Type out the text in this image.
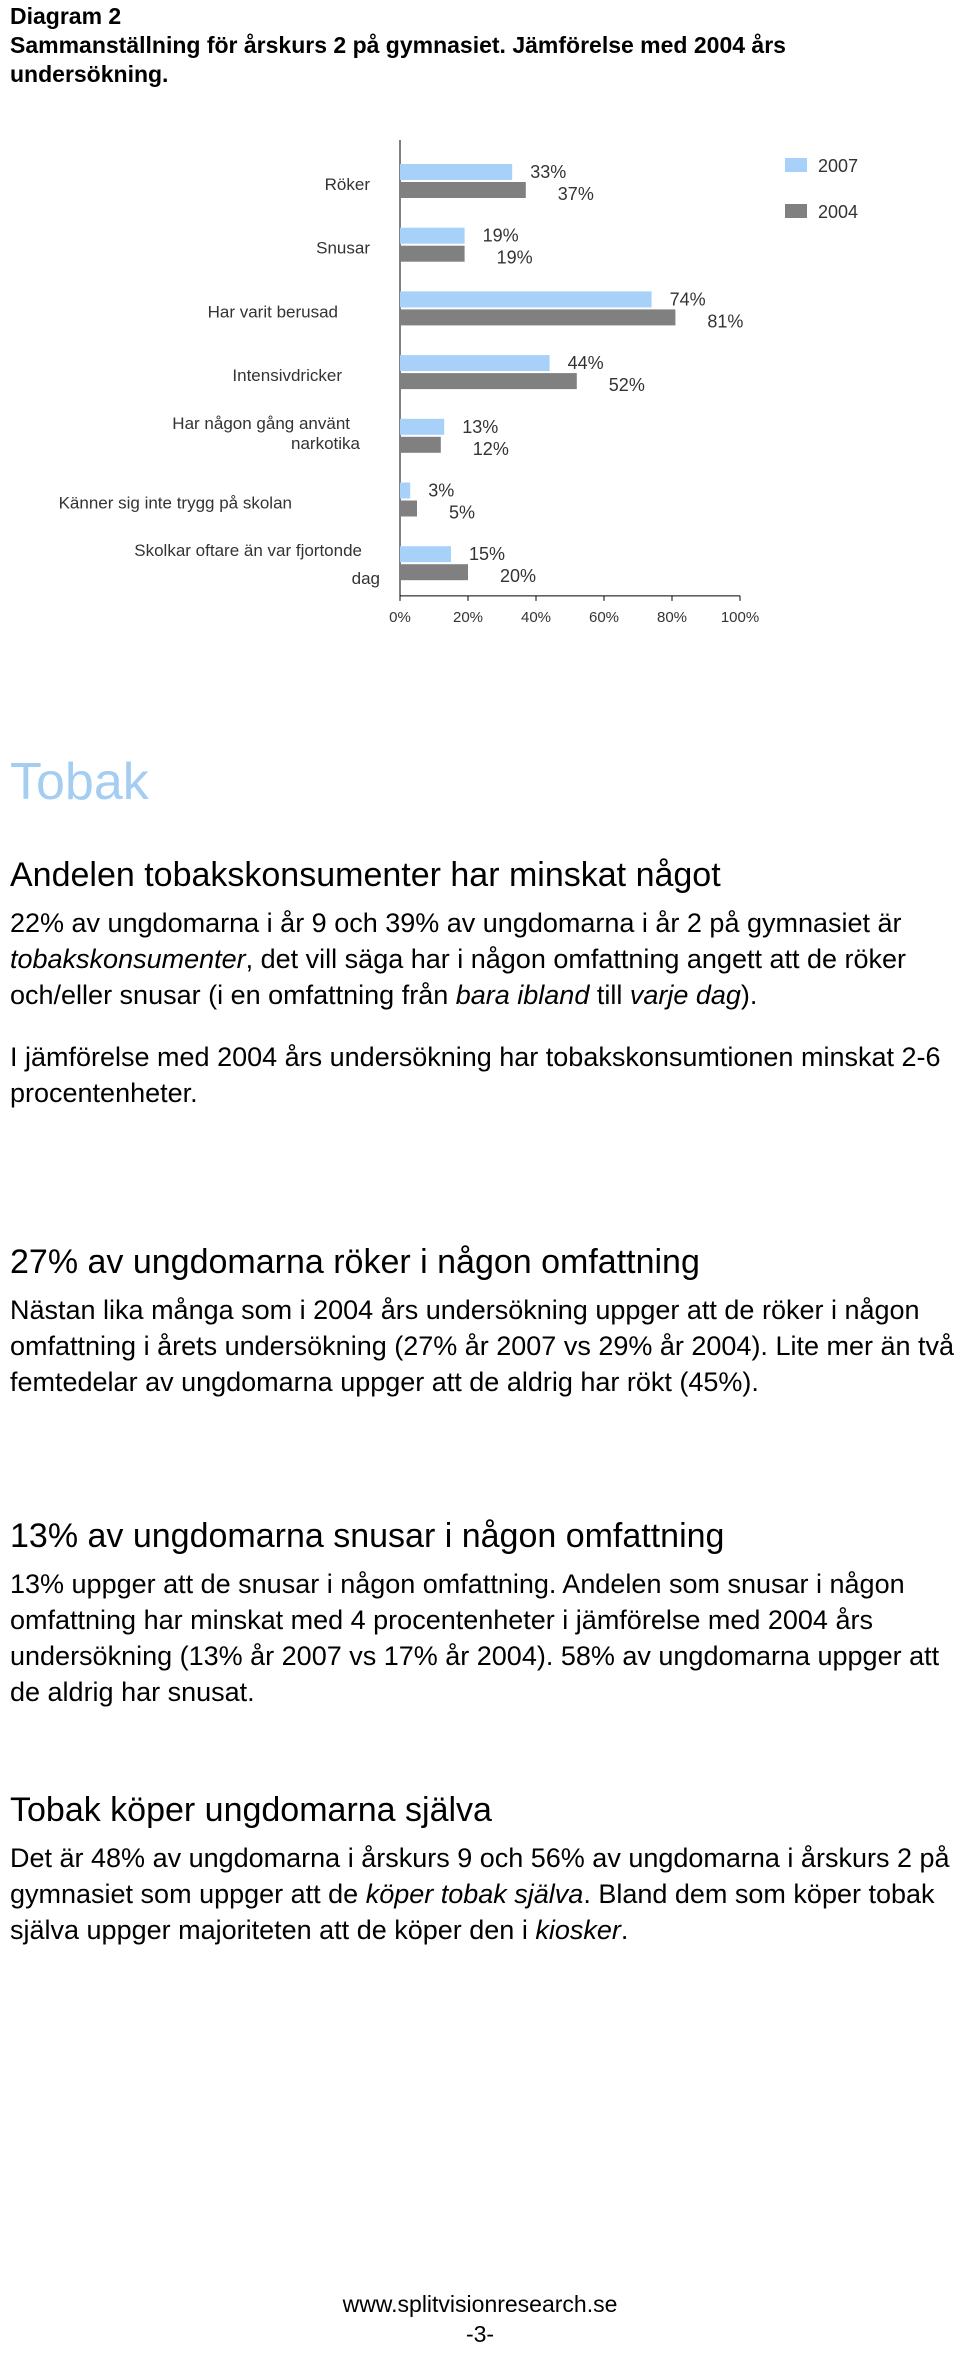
Diagram 2
Sammanställning för årskurs 2 på gymnasiet. Jämförelse med 2004 års undersökning.
0%	20%	40%	60%	80% 100%
Röker
33%
37%
Snusar
19%
19%
Har varit berusad
74%
81%
Intensivdricker
44%
52%
Har någon gång använt
narkotika
13%
12%
Känner sig inte trygg på skolan
3%
5%
Skolkar oftare än var fjortonde
dag
15%
20%
2007
2004
Tobak
Andelen tobakskonsumenter har minskat något

22% av ungdomarna i år 9 och 39% av ungdomarna i år 2 på gymnasiet är tobakskonsumenter, det vill säga har i någon omfattning angett att de röker och/eller snusar (i en omfattning från bara ibland till varje dag).

I jämförelse med 2004 års undersökning har tobakskonsumtionen minskat 2-6 procentenheter.

27% av ungdomarna röker i någon omfattning
Nästan lika många som i 2004 års undersökning uppger att de röker i någon omfattning i årets undersökning (27% år 2007 vs 29% år 2004). Lite mer än två femtedelar av ungdomarna uppger att de aldrig har rökt (45%).
13% av ungdomarna snusar i någon omfattning
13% uppger att de snusar i någon omfattning. Andelen som snusar i någon omfattning har minskat med 4 procentenheter i jämförelse med 2004 års undersökning (13% år 2007 vs 17% år 2004). 58% av ungdomarna uppger att de aldrig har snusat.
Tobak köper ungdomarna själva
Det är 48% av ungdomarna i årskurs 9 och 56% av ungdomarna i årskurs 2 på gymnasiet som uppger att de köper tobak själva. Bland dem som köper tobak själva uppger majoriteten att de köper den i kiosker.
www.splitvisionresearch.se
-3-
